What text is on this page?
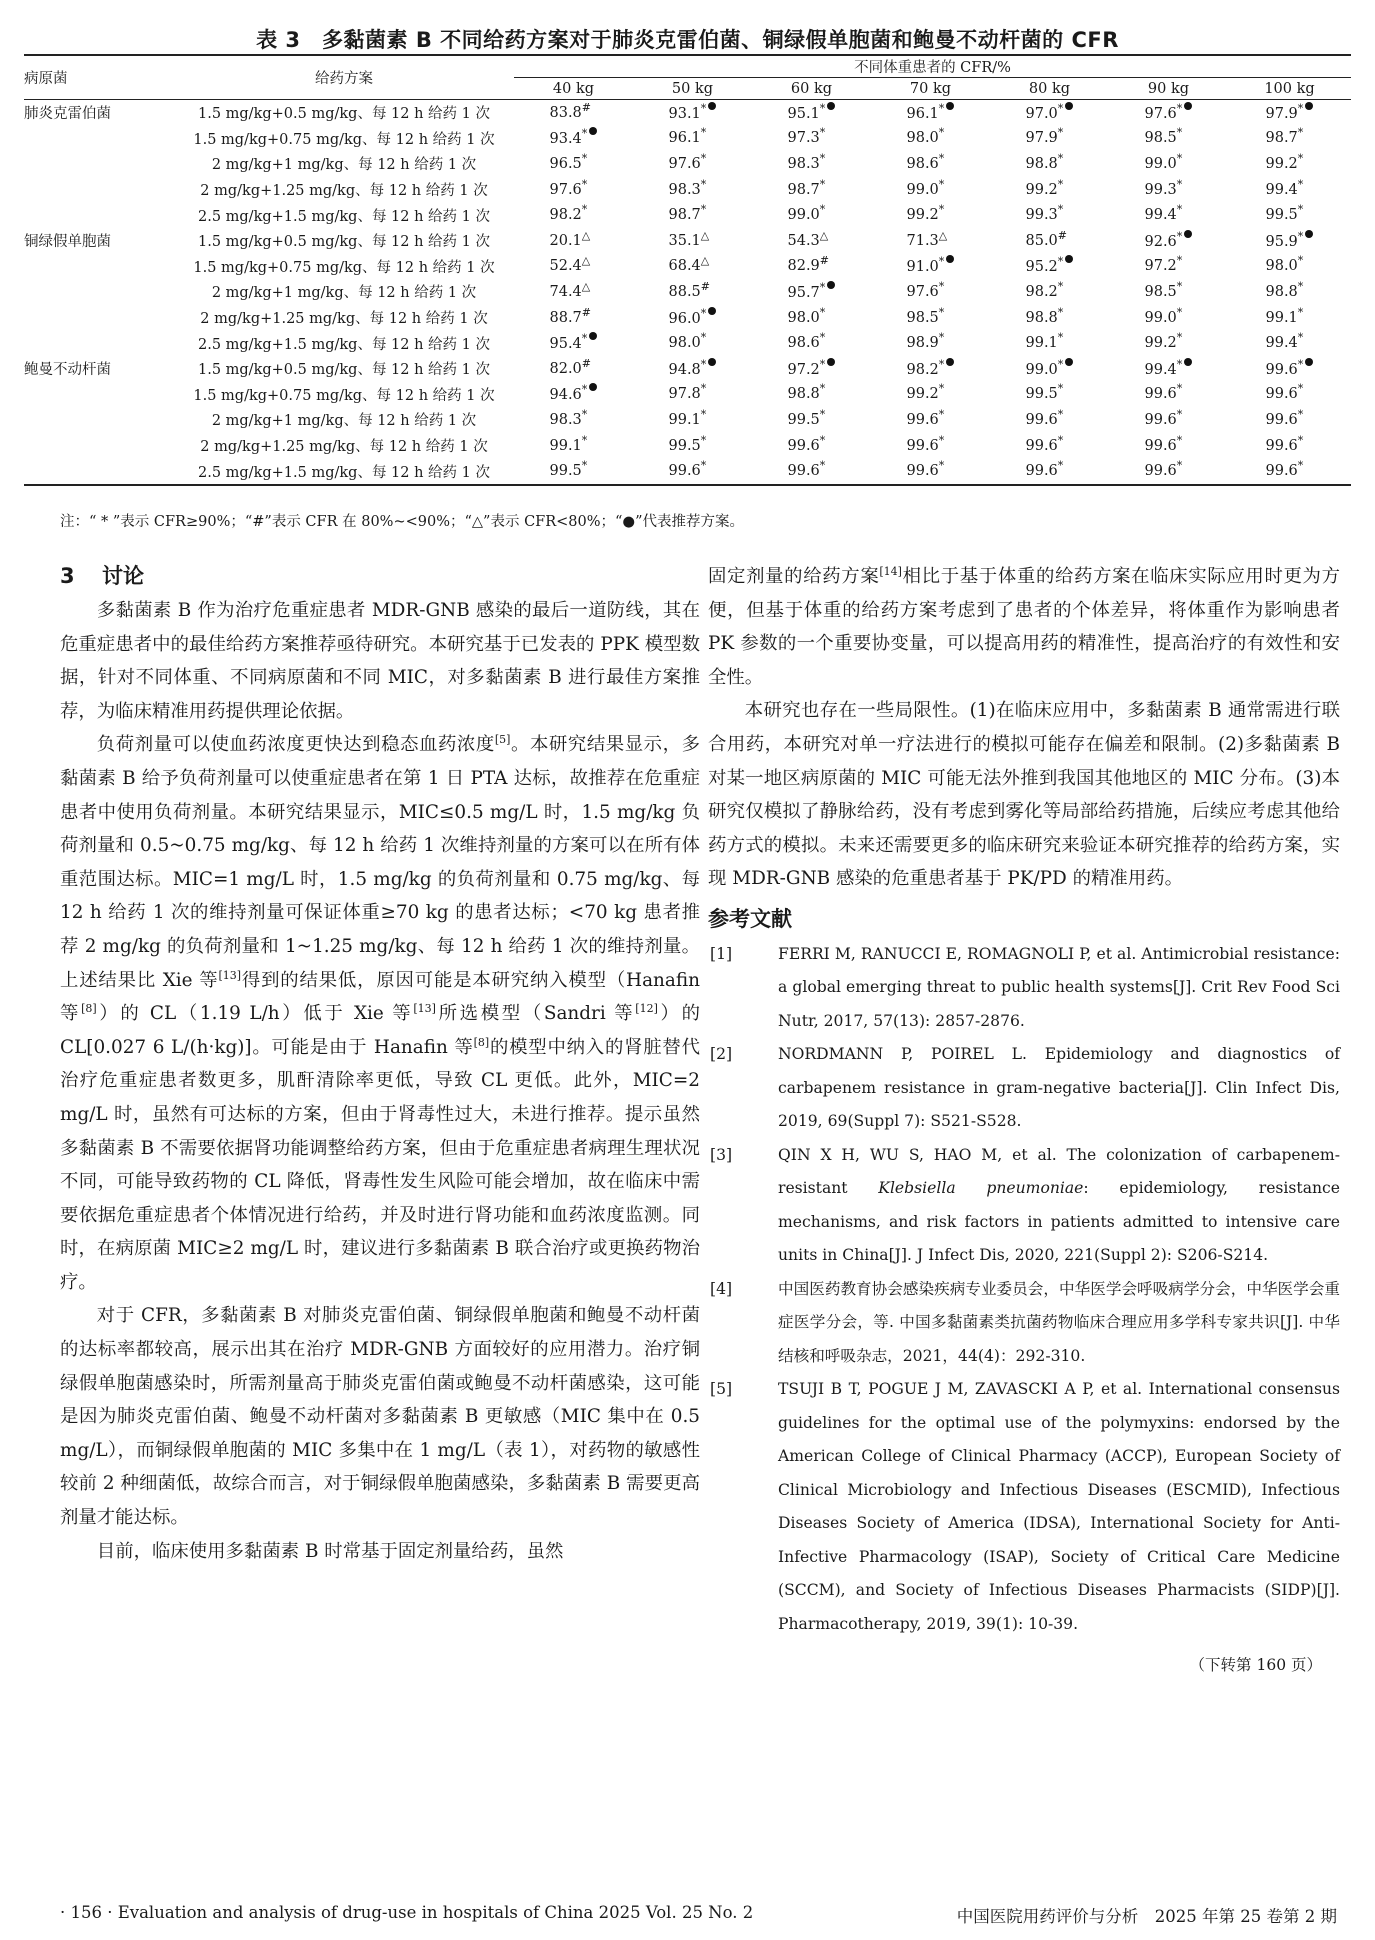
表 3　多黏菌素 B 不同给药方案对于肺炎克雷伯菌、铜绿假单胞菌和鲍曼不动杆菌的 CFR
病原菌	给药方案	不同体重患者的 CFR/%						
		40 kg	50 kg	60 kg	70 kg	80 kg	90 kg	100 kg
肺炎克雷伯菌	1.5 mg/kg+0.5 mg/kg、每 12 h 给药 1 次	83.8#	93.1*	95.1*	96.1*	97.0*	97.6*	97.9*
	1.5 mg/kg+0.75 mg/kg、每 12 h 给药 1 次	93.4*	96.1*	97.3*	98.0*	97.9*	98.5*	98.7*
	2 mg/kg+1 mg/kg、每 12 h 给药 1 次	96.5*	97.6*	98.3*	98.6*	98.8*	99.0*	99.2*
	2 mg/kg+1.25 mg/kg、每 12 h 给药 1 次	97.6*	98.3*	98.7*	99.0*	99.2*	99.3*	99.4*
	2.5 mg/kg+1.5 mg/kg、每 12 h 给药 1 次	98.2*	98.7*	99.0*	99.2*	99.3*	99.4*	99.5*
铜绿假单胞菌	1.5 mg/kg+0.5 mg/kg、每 12 h 给药 1 次	20.1△	35.1△	54.3△	71.3△	85.0#	92.6*	95.9*
	1.5 mg/kg+0.75 mg/kg、每 12 h 给药 1 次	52.4△	68.4△	82.9#	91.0*	95.2*	97.2*	98.0*
	2 mg/kg+1 mg/kg、每 12 h 给药 1 次	74.4△	88.5#	95.7*	97.6*	98.2*	98.5*	98.8*
	2 mg/kg+1.25 mg/kg、每 12 h 给药 1 次	88.7#	96.0*	98.0*	98.5*	98.8*	99.0*	99.1*
	2.5 mg/kg+1.5 mg/kg、每 12 h 给药 1 次	95.4*	98.0*	98.6*	98.9*	99.1*	99.2*	99.4*
鲍曼不动杆菌	1.5 mg/kg+0.5 mg/kg、每 12 h 给药 1 次	82.0#	94.8*	97.2*	98.2*	99.0*	99.4*	99.6*
	1.5 mg/kg+0.75 mg/kg、每 12 h 给药 1 次	94.6*	97.8*	98.8*	99.2*	99.5*	99.6*	99.6*
	2 mg/kg+1 mg/kg、每 12 h 给药 1 次	98.3*	99.1*	99.5*	99.6*	99.6*	99.6*	99.6*
	2 mg/kg+1.25 mg/kg、每 12 h 给药 1 次	99.1*	99.5*	99.6*	99.6*	99.6*	99.6*	99.6*
	2.5 mg/kg+1.5 mg/kg、每 12 h 给药 1 次	99.5*	99.6*	99.6*	99.6*	99.6*	99.6*	99.6*
注：“ * ”表示 CFR≥90%；“#”表示 CFR 在 80%~<90%；“△”表示 CFR<80%；“●”代表推荐方案。
3 讨论

多黏菌素 B 作为治疗危重症患者 MDR-GNB 感染的最后一道防线，其在危重症患者中的最佳给药方案推荐亟待研究。本研究基于已发表的 PPK 模型数据，针对不同体重、不同病原菌和不同 MIC，对多黏菌素 B 进行最佳方案推荐，为临床精准用药提供理论依据。

负荷剂量可以使血药浓度更快达到稳态血药浓度[5]。本研究结果显示，多黏菌素 B 给予负荷剂量可以使重症患者在第 1 日 PTA 达标，故推荐在危重症患者中使用负荷剂量。本研究结果显示，MIC≤0.5 mg/L 时，1.5 mg/kg 负荷剂量和 0.5~0.75 mg/kg、每 12 h 给药 1 次维持剂量的方案可以在所有体重范围达标。MIC=1 mg/L 时，1.5 mg/kg 的负荷剂量和 0.75 mg/kg、每 12 h 给药 1 次的维持剂量可保证体重≥70 kg 的患者达标；<70 kg 患者推荐 2 mg/kg 的负荷剂量和 1~1.25 mg/kg、每 12 h 给药 1 次的维持剂量。上述结果比 Xie 等[13]得到的结果低，原因可能是本研究纳入模型（Hanafin 等[8]）的 CL（1.19 L/h）低于 Xie 等[13]所选模型（Sandri 等[12]）的 CL[0.027 6 L/(h·kg)]。可能是由于 Hanafin 等[8]的模型中纳入的肾脏替代治疗危重症患者数更多，肌酐清除率更低，导致 CL 更低。此外，MIC=2 mg/L 时，虽然有可达标的方案，但由于肾毒性过大，未进行推荐。提示虽然多黏菌素 B 不需要依据肾功能调整给药方案，但由于危重症患者病理生理状况不同，可能导致药物的 CL 降低，肾毒性发生风险可能会增加，故在临床中需要依据危重症患者个体情况进行给药，并及时进行肾功能和血药浓度监测。同时，在病原菌 MIC≥2 mg/L 时，建议进行多黏菌素 B 联合治疗或更换药物治疗。

对于 CFR，多黏菌素 B 对肺炎克雷伯菌、铜绿假单胞菌和鲍曼不动杆菌的达标率都较高，展示出其在治疗 MDR-GNB 方面较好的应用潜力。治疗铜绿假单胞菌感染时，所需剂量高于肺炎克雷伯菌或鲍曼不动杆菌感染，这可能是因为肺炎克雷伯菌、鲍曼不动杆菌对多黏菌素 B 更敏感（MIC 集中在 0.5 mg/L），而铜绿假单胞菌的 MIC 多集中在 1 mg/L（表 1），对药物的敏感性较前 2 种细菌低，故综合而言，对于铜绿假单胞菌感染，多黏菌素 B 需要更高剂量才能达标。

目前，临床使用多黏菌素 B 时常基于固定剂量给药，虽然

固定剂量的给药方案[14]相比于基于体重的给药方案在临床实际应用时更为方便，但基于体重的给药方案考虑到了患者的个体差异，将体重作为影响患者 PK 参数的一个重要协变量，可以提高用药的精准性，提高治疗的有效性和安全性。

本研究也存在一些局限性。(1)在临床应用中，多黏菌素 B 通常需进行联合用药，本研究对单一疗法进行的模拟可能存在偏差和限制。(2)多黏菌素 B 对某一地区病原菌的 MIC 可能无法外推到我国其他地区的 MIC 分布。(3)本研究仅模拟了静脉给药，没有考虑到雾化等局部给药措施，后续应考虑其他给药方式的模拟。未来还需要更多的临床研究来验证本研究推荐的给药方案，实现 MDR-GNB 感染的危重患者基于 PK/PD 的精准用药。

参考文献
[1]	FERRI M, RANUCCI E, ROMAGNOLI P, et al. Antimicrobial resistance: a global emerging threat to public health systems[J]. Crit Rev Food Sci Nutr, 2017, 57(13): 2857-2876.
[2]	NORDMANN P, POIREL L. Epidemiology and diagnostics of carbapenem resistance in gram-negative bacteria[J]. Clin Infect Dis, 2019, 69(Suppl 7): S521-S528.
[3]	QIN X H, WU S, HAO M, et al. The colonization of carbapenem-resistant Klebsiella pneumoniae: epidemiology, resistance mechanisms, and risk factors in patients admitted to intensive care units in China[J]. J Infect Dis, 2020, 221(Suppl 2): S206-S214.
[4]	中国医药教育协会感染疾病专业委员会，中华医学会呼吸病学分会，中华医学会重症医学分会，等. 中国多黏菌素类抗菌药物临床合理应用多学科专家共识[J]. 中华结核和呼吸杂志，2021，44(4)：292-310.
[5]	TSUJI B T, POGUE J M, ZAVASCKI A P, et al. International consensus guidelines for the optimal use of the polymyxins: endorsed by the American College of Clinical Pharmacy (ACCP), European Society of Clinical Microbiology and Infectious Diseases (ESCMID), Infectious Diseases Society of America (IDSA), International Society for Anti-Infective Pharmacology (ISAP), Society of Critical Care Medicine (SCCM), and Society of Infectious Diseases Pharmacists (SIDP)[J]. Pharmacotherapy, 2019, 39(1): 10-39.
（下转第 160 页）
· 156 · Evaluation and analysis of drug-use in hospitals of China 2025 Vol. 25 No. 2	中国医院用药评价与分析　2025 年第 25 卷第 2 期
